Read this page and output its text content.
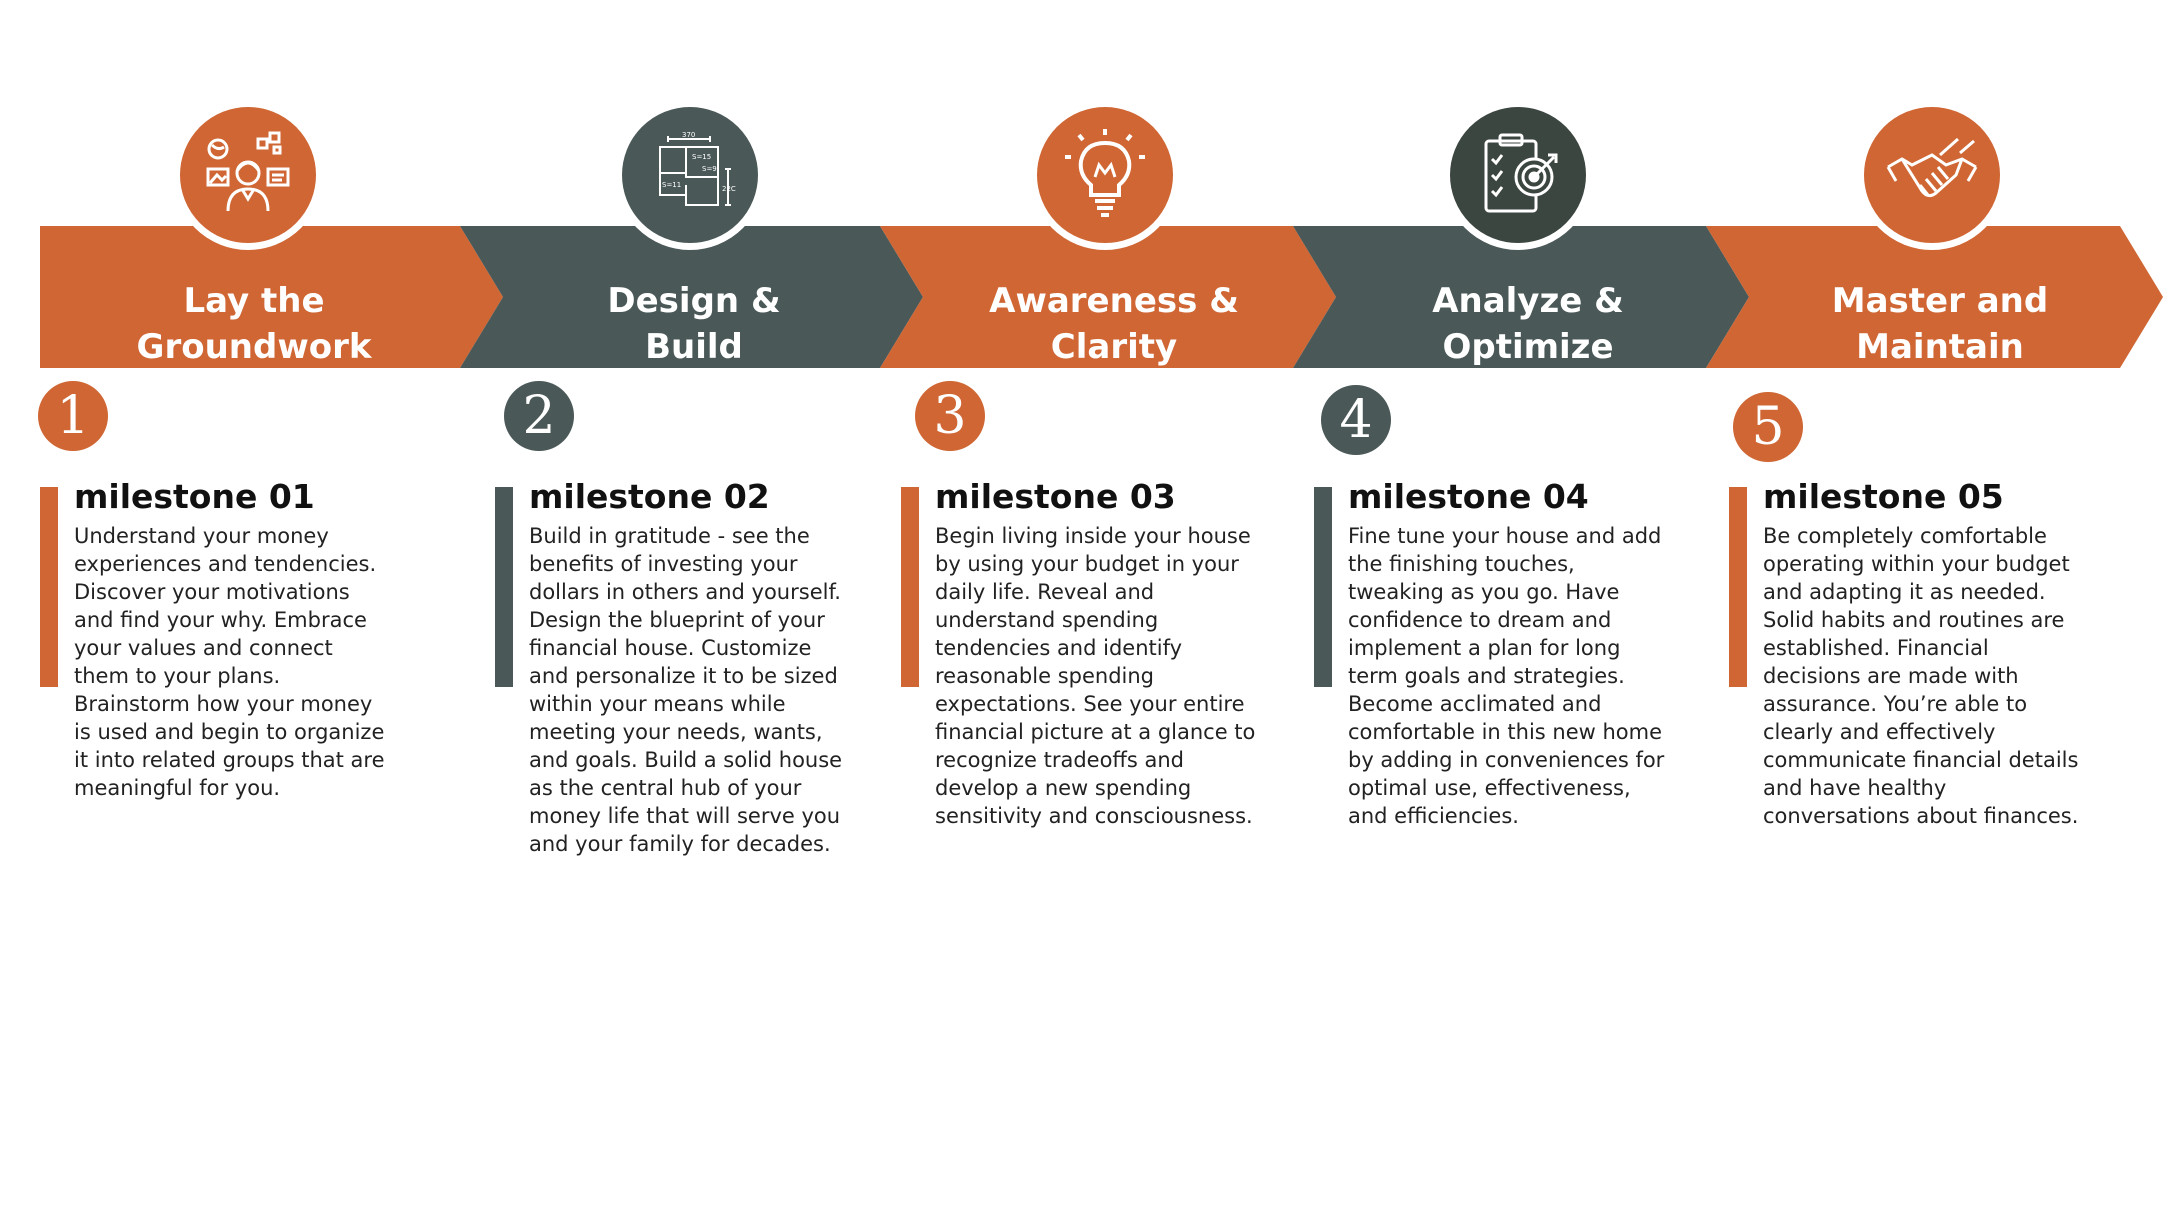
370
S=15
S=9
S=11	22C
Lay the
Groundwork
Design &
Build
Awareness &
Clarity
Analyze &
Optimize
Master and
Maintain
1	2	3	4	5
milestone 01	milestone 02	milestone 03	milestone 04	milestone 05
Understand your money
experiences and tendencies.
Discover your motivations
and find your why. Embrace
your values and connect
them to your plans.
Brainstorm how your money
is used and begin to organize
it into related groups that are
meaningful for you.
Build in gratitude - see the
benefits of investing your
dollars in others and yourself.
Design the blueprint of your
financial house. Customize
and personalize it to be sized
within your means while
meeting your needs, wants,
and goals. Build a solid house
as the central hub of your
money life that will serve you
and your family for decades.
Begin living inside your house
by using your budget in your
daily life. Reveal and
understand spending
tendencies and identify
reasonable spending
expectations. See your entire
financial picture at a glance to
recognize tradeoffs and
develop a new spending
sensitivity and consciousness.
Fine tune your house and add
the finishing touches,
tweaking as you go. Have
confidence to dream and
implement a plan for long
term goals and strategies.
Become acclimated and
comfortable in this new home
by adding in conveniences for
optimal use, effectiveness,
and efficiencies.
Be completely comfortable
operating within your budget
and adapting it as needed.
Solid habits and routines are
established. Financial
decisions are made with
assurance. You’re able to
clearly and effectively
communicate financial details
and have healthy
conversations about finances.
